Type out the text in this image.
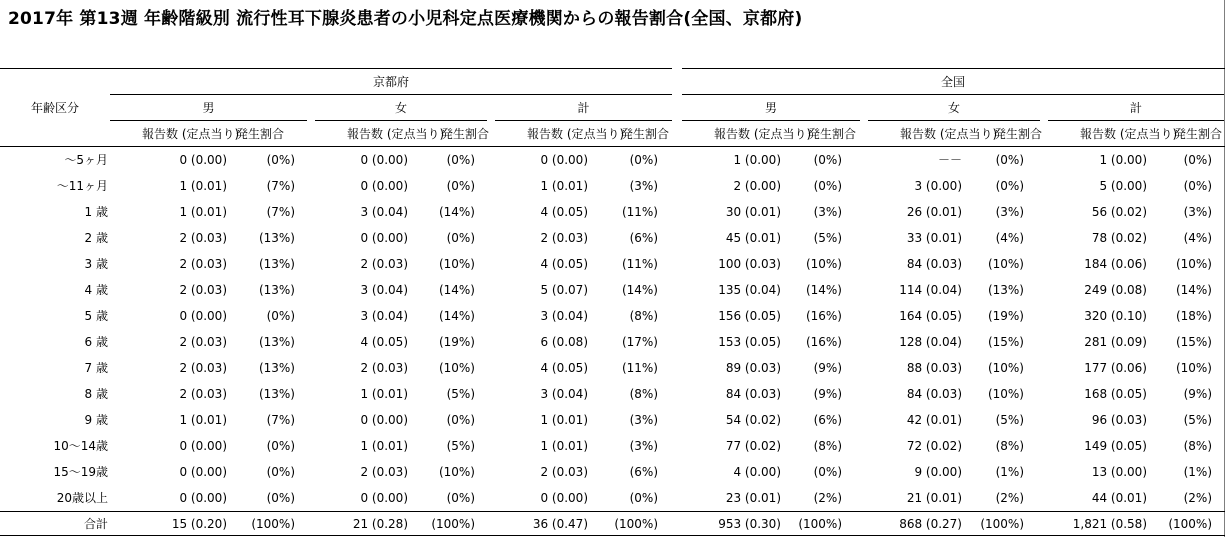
2017年 第13週 年齢階級別 流行性耳下腺炎患者の小児科定点医療機関からの報告割合(全国、京都府)
年齢区分
京都府	全国
男	女	計	男	女	計
報告数 (定点当り)
発生割合	報告数 (定点当り)
発生割合	報告数 (定点当り)
発生割合	報告数 (定点当り)
発生割合	報告数 (定点当り)
発生割合	報告数 (定点当り)
発生割合
～5ヶ月	0 (0.00)	(0%)	0 (0.00)	(0%)	0 (0.00)	(0%)	1 (0.00)	(0%)	－－	(0%)	1 (0.00)	(0%)
～11ヶ月	1 (0.01)	(7%)	0 (0.00)	(0%)	1 (0.01)	(3%)	2 (0.00)	(0%)	3 (0.00)	(0%)	5 (0.00)	(0%)
1 歳	1 (0.01)	(7%)	3 (0.04)	(14%)	4 (0.05)	(11%)	30 (0.01)	(3%)	26 (0.01)	(3%)	56 (0.02)	(3%)
2 歳	2 (0.03)	(13%)	0 (0.00)	(0%)	2 (0.03)	(6%)	45 (0.01)	(5%)	33 (0.01)	(4%)	78 (0.02)	(4%)
3 歳	2 (0.03)	(13%)	2 (0.03)	(10%)	4 (0.05)	(11%)	100 (0.03)	(10%)	84 (0.03)	(10%)	184 (0.06)	(10%)
4 歳	2 (0.03)	(13%)	3 (0.04)	(14%)	5 (0.07)	(14%)	135 (0.04)	(14%)	114 (0.04)	(13%)	249 (0.08)	(14%)
5 歳	0 (0.00)	(0%)	3 (0.04)	(14%)	3 (0.04)	(8%)	156 (0.05)	(16%)	164 (0.05)	(19%)	320 (0.10)	(18%)
6 歳	2 (0.03)	(13%)	4 (0.05)	(19%)	6 (0.08)	(17%)	153 (0.05)	(16%)	128 (0.04)	(15%)	281 (0.09)	(15%)
7 歳	2 (0.03)	(13%)	2 (0.03)	(10%)	4 (0.05)	(11%)	89 (0.03)	(9%)	88 (0.03)	(10%)	177 (0.06)	(10%)
8 歳	2 (0.03)	(13%)	1 (0.01)	(5%)	3 (0.04)	(8%)	84 (0.03)	(9%)	84 (0.03)	(10%)	168 (0.05)	(9%)
9 歳	1 (0.01)	(7%)	0 (0.00)	(0%)	1 (0.01)	(3%)	54 (0.02)	(6%)	42 (0.01)	(5%)	96 (0.03)	(5%)
10～14歳	0 (0.00)	(0%)	1 (0.01)	(5%)	1 (0.01)	(3%)	77 (0.02)	(8%)	72 (0.02)	(8%)	149 (0.05)	(8%)
15～19歳	0 (0.00)	(0%)	2 (0.03)	(10%)	2 (0.03)	(6%)	4 (0.00)	(0%)	9 (0.00)	(1%)	13 (0.00)	(1%)
20歳以上	0 (0.00)	(0%)	0 (0.00)	(0%)	0 (0.00)	(0%)	23 (0.01)	(2%)	21 (0.01)	(2%)	44 (0.01)	(2%)
合計	15 (0.20)	(100%)	21 (0.28)	(100%)	36 (0.47)	(100%)	953 (0.30)	(100%)	868 (0.27)	(100%)	1,821 (0.58)	(100%)
